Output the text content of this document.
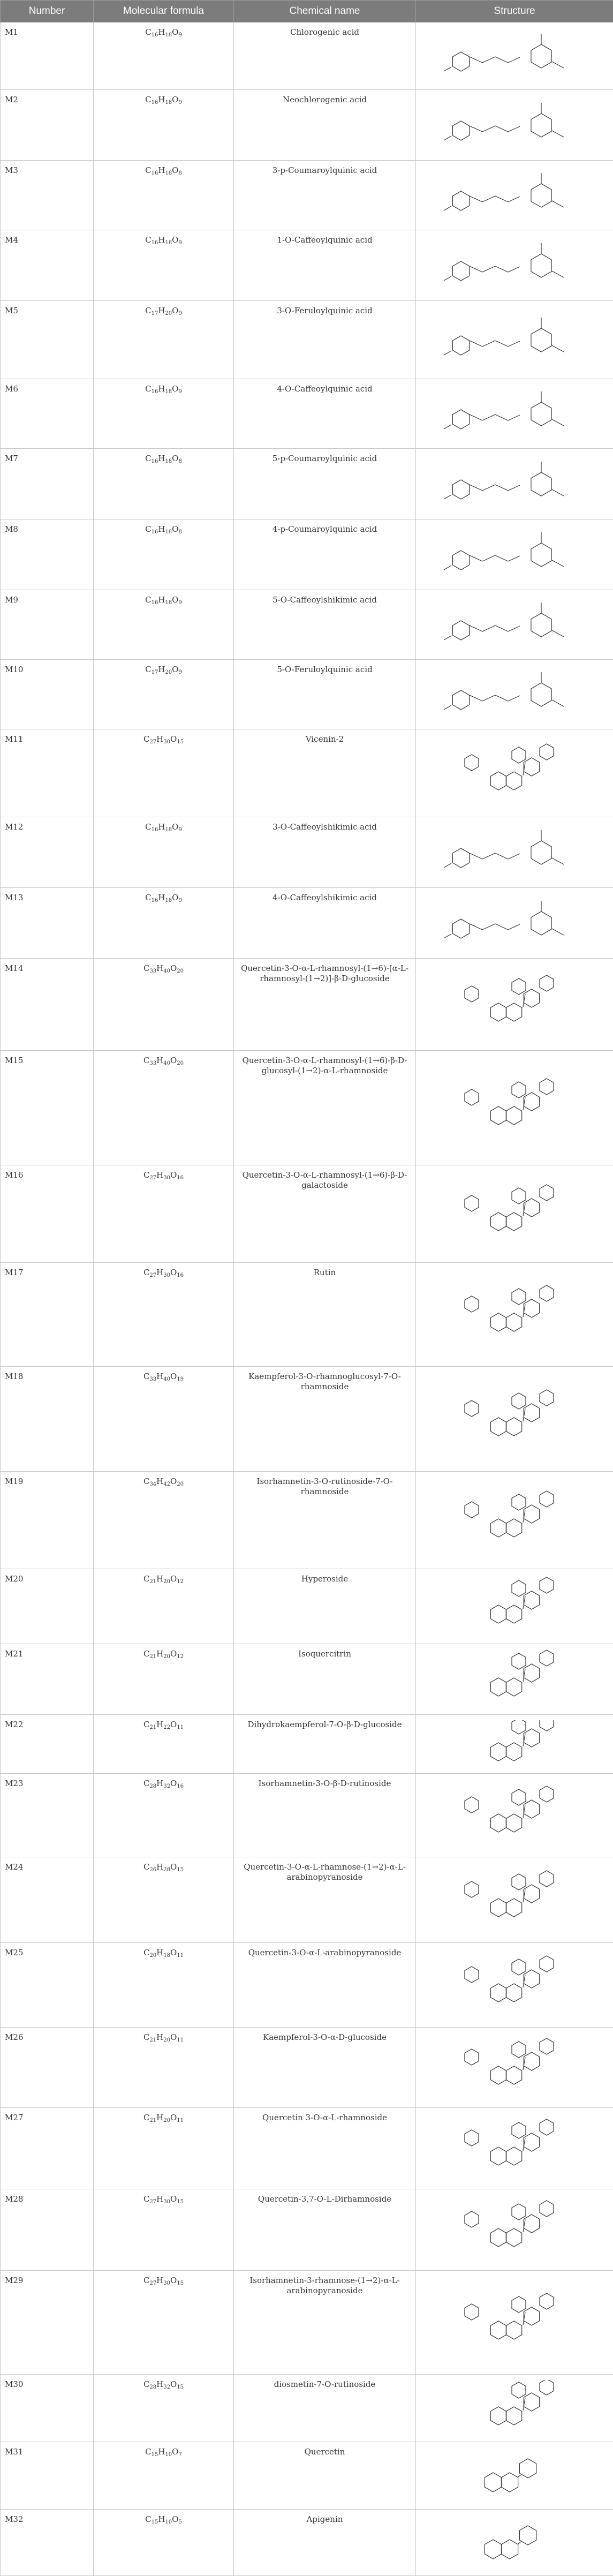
Number	Molecular formula	Chemical name	Structure
M1	$C_{16}H_{18}O_9$	Chlorogenic acid	

M2	$C_{16}H_{18}O_9$	Neochlorogenic acid	

M3	$C_{16}H_{18}O_8$	3-p-Coumaroylquinic acid	

M4	$C_{16}H_{18}O_9$	1-O-Caffeoylquinic acid	

M5	$C_{17}H_{20}O_9$	3-O-Feruloylquinic acid	

M6	$C_{16}H_{18}O_9$	4-O-Caffeoylquinic acid	

M7	$C_{16}H_{18}O_8$	5-p-Coumaroylquinic acid	

M8	$C_{16}H_{18}O_8$	4-p-Coumaroylquinic acid	

M9	$C_{16}H_{18}O_9$	5-O-Caffeoylshikimic acid	

M10	$C_{17}H_{20}O_9$	5-O-Feruloylquinic acid	

M11	$C_{27}H_{30}O_{15}$	Vicenin-2	

M12	$C_{16}H_{18}O_9$	3-O-Caffeoylshikimic acid	

M13	$C_{16}H_{18}O_9$	4-O-Caffeoylshikimic acid	

M14	$C_{33}H_{40}O_{20}$	Quercetin-3-O-α-L-rhamnosyl-(1→6)-[α-L-rhamnosyl-(1→2)]-β-D-glucoside	

M15	$C_{33}H_{40}O_{20}$	Quercetin-3-O-α-L-rhamnosyl-(1→6)-β-D-glucosyl-(1→2)-α-L-rhamnoside	

M16	$C_{27}H_{30}O_{16}$	Quercetin-3-O-α-L-rhamnosyl-(1→6)-β-D-galactoside	

M17	$C_{27}H_{30}O_{16}$	Rutin	

M18	$C_{33}H_{40}O_{19}$	Kaempferol-3-O-rhamnoglucosyl-7-O-rhamnoside	

M19	$C_{34}H_{42}O_{20}$	Isorhamnetin-3-O-rutinoside-7-O-rhamnoside	

M20	$C_{21}H_{20}O_{12}$	Hyperoside	

M21	$C_{21}H_{20}O_{12}$	Isoquercitrin	

M22	$C_{21}H_{22}O_{11}$	Dihydrokaempferol-7-O-β-D-glucoside	

M23	$C_{28}H_{32}O_{16}$	Isorhamnetin-3-O-β-D-rutinoside	

M24	$C_{26}H_{28}O_{15}$	Quercetin-3-O-α-L-rhamnose-(1→2)-α-L-arabinopyranoside	

M25	$C_{20}H_{18}O_{11}$	Quercetin-3-O-α-L-arabinopyranoside	

M26	$C_{21}H_{20}O_{11}$	Kaempferol-3-O-α-D-glucoside	

M27	$C_{21}H_{20}O_{11}$	Quercetin 3-O-α-L-rhamnoside	

M28	$C_{27}H_{30}O_{15}$	Quercetin-3,7-O-L-Dirhamnoside	

M29	$C_{27}H_{30}O_{15}$	Isorhamnetin-3-rhamnose-(1→2)-α-L-arabinopyranoside	

M30	$C_{28}H_{32}O_{15}$	diosmetin-7-O-rutinoside	

M31	$C_{15}H_{10}O_7$	Quercetin	

M32	$C_{15}H_{10}O_5$	Apigenin	
